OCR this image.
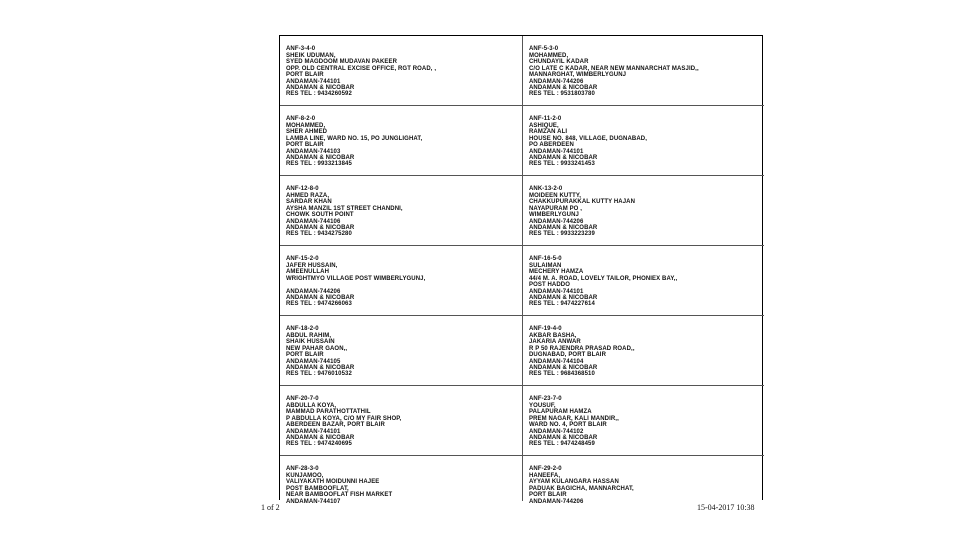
ANF-3-4-0
SHEIK UDUMAN,
SYED MAGDOOM MUDAVAN PAKEER
OPP. OLD CENTRAL EXCISE OFFICE, RGT ROAD, ,
PORT BLAIR
ANDAMAN-744101
ANDAMAN & NICOBAR
RES TEL : 9434260592
ANF-5-3-0
MOHAMMED,
CHUNDAYIL KADAR
C/O LATE C KADAR, NEAR NEW MANNARCHAT MASJID,,
MANNARGHAT, WIMBERLYGUNJ
ANDAMAN-744206
ANDAMAN & NICOBAR
RES TEL : 9531803780
ANF-8-2-0
MOHAMMED,
SHER AHMED
LAMBA LINE, WARD NO. 15, PO JUNGLIGHAT,
PORT BLAIR
ANDAMAN-744103
ANDAMAN & NICOBAR
RES TEL : 9933213845
ANF-11-2-0
ASHIQUE,
RAMZAN ALI
HOUSE NO. 848, VILLAGE, DUGNABAD,
PO ABERDEEN
ANDAMAN-744101
ANDAMAN & NICOBAR
RES TEL : 9933241453
ANF-12-8-0
AHMED RAZA,
SARDAR KHAN
AYSHA MANZIL 1ST STREET CHANDNI,
CHOWK SOUTH POINT
ANDAMAN-744106
ANDAMAN & NICOBAR
RES TEL : 9434275280
ANK-13-2-0
MOIDEEN KUTTY,
CHAKKUPURAKKAL KUTTY HAJAN
NAYAPURAM PO ,
WIMBERLYGUNJ
ANDAMAN-744206
ANDAMAN & NICOBAR
RES TEL : 9933223239
ANF-15-2-0
JAFER HUSSAIN,
AMEENULLAH
WRIGHTMYO VILLAGE POST WIMBERLYGUNJ,

ANDAMAN-744206
ANDAMAN & NICOBAR
RES TEL : 9474266063
ANF-16-5-0
SULAIMAN
MECHERY HAMZA
44/4 M. A. ROAD, LOVELY TAILOR, PHONIEX BAY,,
POST HADDO
ANDAMAN-744101
ANDAMAN & NICOBAR
RES TEL : 9474227614
ANF-18-2-0
ABDUL RAHIM,
SHAIK HUSSAIN
NEW PAHAR GAON,,
PORT BLAIR
ANDAMAN-744105
ANDAMAN & NICOBAR
RES TEL : 9476010532
ANF-19-4-0
AKBAR BASHA,
JAKARIA ANWAR
R P 50 RAJENDRA PRASAD ROAD,,
DUGNABAD, PORT BLAIR
ANDAMAN-744104
ANDAMAN & NICOBAR
RES TEL : 9684368510
ANF-20-7-0
ABDULLA KOYA,
MAMMAD PARATHOTTATHIL
P ABDULLA KOYA, C/O MY FAIR SHOP,
ABERDEEN BAZAR, PORT BLAIR
ANDAMAN-744101
ANDAMAN & NICOBAR
RES TEL : 9474240695
ANF-23-7-0
YOUSUF,
PALAPURAM HAMZA
PREM NAGAR, KALI MANDIR,,
WARD NO. 4, PORT BLAIR
ANDAMAN-744102
ANDAMAN & NICOBAR
RES TEL : 9474248459
ANF-28-3-0
KUNJAMOO,
VALIYAKATH MOIDUNNI HAJEE
POST BAMBOOFLAT,
NEAR BAMBOOFLAT FISH MARKET
ANDAMAN-744107
ANF-29-2-0
HANEEFA,
AYYAM KULANGARA HASSAN
PADUAK BAGICHA, MANNARCHAT,
PORT BLAIR
ANDAMAN-744206
1 of 2	15-04-2017 10:38
